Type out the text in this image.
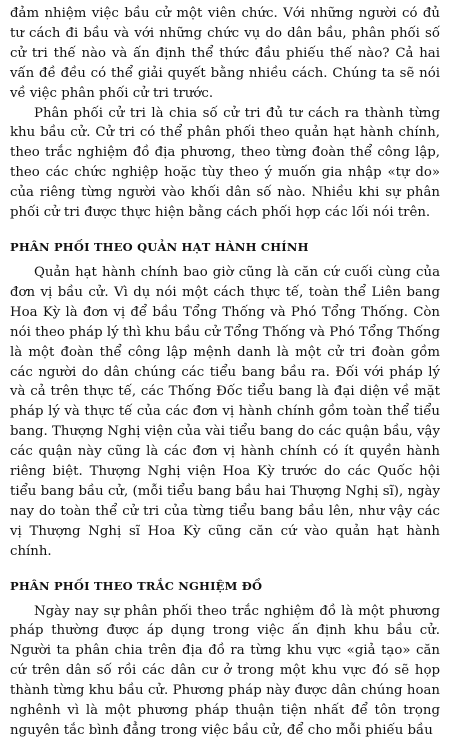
đảm nhiệm việc bầu cử một viên chức. Với những người có đủ tư cách đi bầu và với những chức vụ do dân bầu, phân phối số cử tri thế nào và ấn định thể thức đầu phiếu thế nào? Cả hai vấn đề đều có thể giải quyết bằng nhiều cách. Chúng ta sẽ nói về việc phân phối cử tri trước.

Phân phối cử tri là chia số cử tri đủ tư cách ra thành từng khu bầu cử. Cử tri có thể phân phối theo quản hạt hành chính, theo trắc nghiệm đồ địa phương, theo từng đoàn thể công lập, theo các chức nghiệp hoặc tùy theo ý muốn gia nhập «tự do» của riêng từng người vào khối dân số nào. Nhiều khi sự phân phối cử tri được thực hiện bằng cách phối hợp các lối nói trên.

PHÂN PHỐI THEO QUẢN HẠT HÀNH CHÍNH

Quản hạt hành chính bao giờ cũng là căn cứ cuối cùng của đơn vị bầu cử. Vì dụ nói một cách thực tế, toàn thể Liên bang Hoa Kỳ là đơn vị để bầu Tổng Thống và Phó Tổng Thống. Còn nói theo pháp lý thì khu bầu cử Tổng Thống và Phó Tổng Thống là một đoàn thể công lập mệnh danh là một cử tri đoàn gồm các người do dân chúng các tiểu bang bầu ra. Đối với pháp lý và cả trên thực tế, các Thống Đốc tiểu bang là đại diện về mặt pháp lý và thực tế của các đơn vị hành chính gồm toàn thể tiểu bang. Thượng Nghị viện của vài tiểu bang do các quận bầu, vậy các quận này cũng là các đơn vị hành chính có ít quyền hành riêng biệt. Thượng Nghị viện Hoa Kỳ trước do các Quốc hội tiểu bang bầu cử, (mỗi tiểu bang bầu hai Thượng Nghị sĩ), ngày nay do toàn thể cử tri của từng tiểu bang bầu lên, như vậy các vị Thượng Nghị sĩ Hoa Kỳ cũng căn cứ vào quản hạt hành chính.

PHÂN PHỐI THEO TRẮC NGHIỆM ĐỒ

Ngày nay sự phân phối theo trắc nghiệm đồ là một phương pháp thường được áp dụng trong việc ấn định khu bầu cử. Người ta phân chia trên địa đồ ra từng khu vực «giả tạo» căn cứ trên dân số rồi các dân cư ở trong một khu vực đó sẽ họp thành từng khu bầu cử. Phương pháp này được dân chúng hoan nghênh vì là một phương pháp thuận tiện nhất để tôn trọng nguyên tắc bình đẳng trong việc bầu cử, để cho mỗi phiếu bầu
